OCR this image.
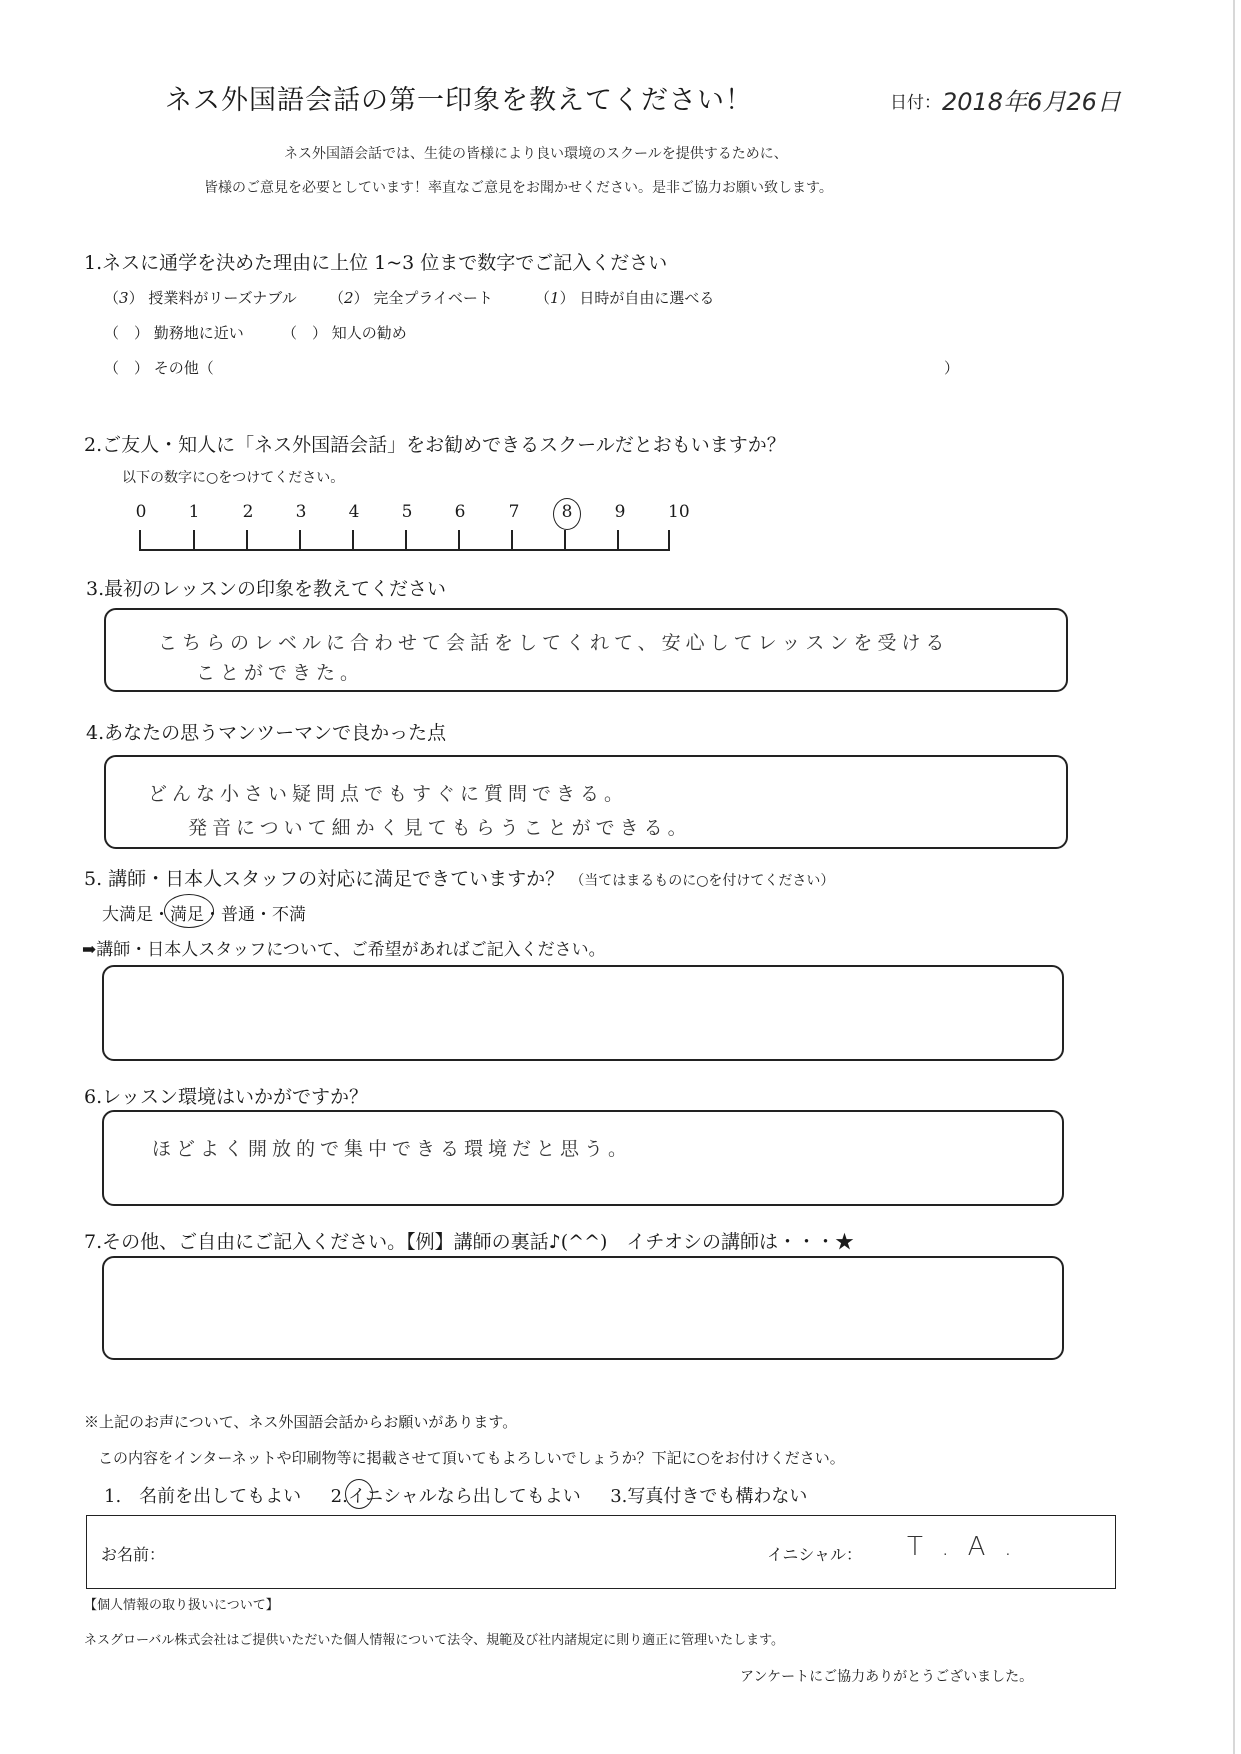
ネス外国語会話の第一印象を教えてください！	日付： 2018年6月26日
ネス外国語会話では、生徒の皆様により良い環境のスクールを提供するために、
皆様のご意見を必要としています！率直なご意見をお聞かせください。是非ご協力お願い致します。
1.ネスに通学を決めた理由に上位 1~3 位まで数字でご記入ください
（3） 授業料がリーズナブル （2） 完全プライベート	（1） 日時が自由に選べる
（　） 勤務地に近い	（　） 知人の勧め
（　） その他（	）
2.ご友人・知人に「ネス外国語会話」をお勧めできるスクールだとおもいますか？
以下の数字に○をつけてください。
0 1	2 3 4 5 6	7 8 9	10
3.最初のレッスンの印象を教えてください
こちらのレベルに合わせて会話をしてくれて、安心してレッスンを受ける
ことができた。
4.あなたの思うマンツーマンで良かった点
どんな小さい疑問点でもすぐに質問できる。
発音について細かく見てもらうことができる。
5. 講師・日本人スタッフの対応に満足できていますか？ （当てはまるものに○を付けてください）
大満足・満足
・普通・不満
➡講師・日本人スタッフについて、ご希望があればご記入ください。
6.レッスン環境はいかがですか？
ほどよく開放的で集中できる環境だと思う。
7.その他、ご自由にご記入ください。【例】講師の裏話♪(^^)　イチオシの講師は・・・★
※上記のお声について、ネス外国語会話からお願いがあります。
この内容をインターネットや印刷物等に掲載させて頂いてもよろしいでしょうか？下記に○をお付けください。
1.　名前を出してもよい 2.イニシャルなら出してもよい 3.写真付きでも構わない
お名前：	イニシャル： T . A .
【個人情報の取り扱いについて】
ネスグローバル株式会社はご提供いただいた個人情報について法令、規範及び社内諸規定に則り適正に管理いたします。
アンケートにご協力ありがとうございました。
